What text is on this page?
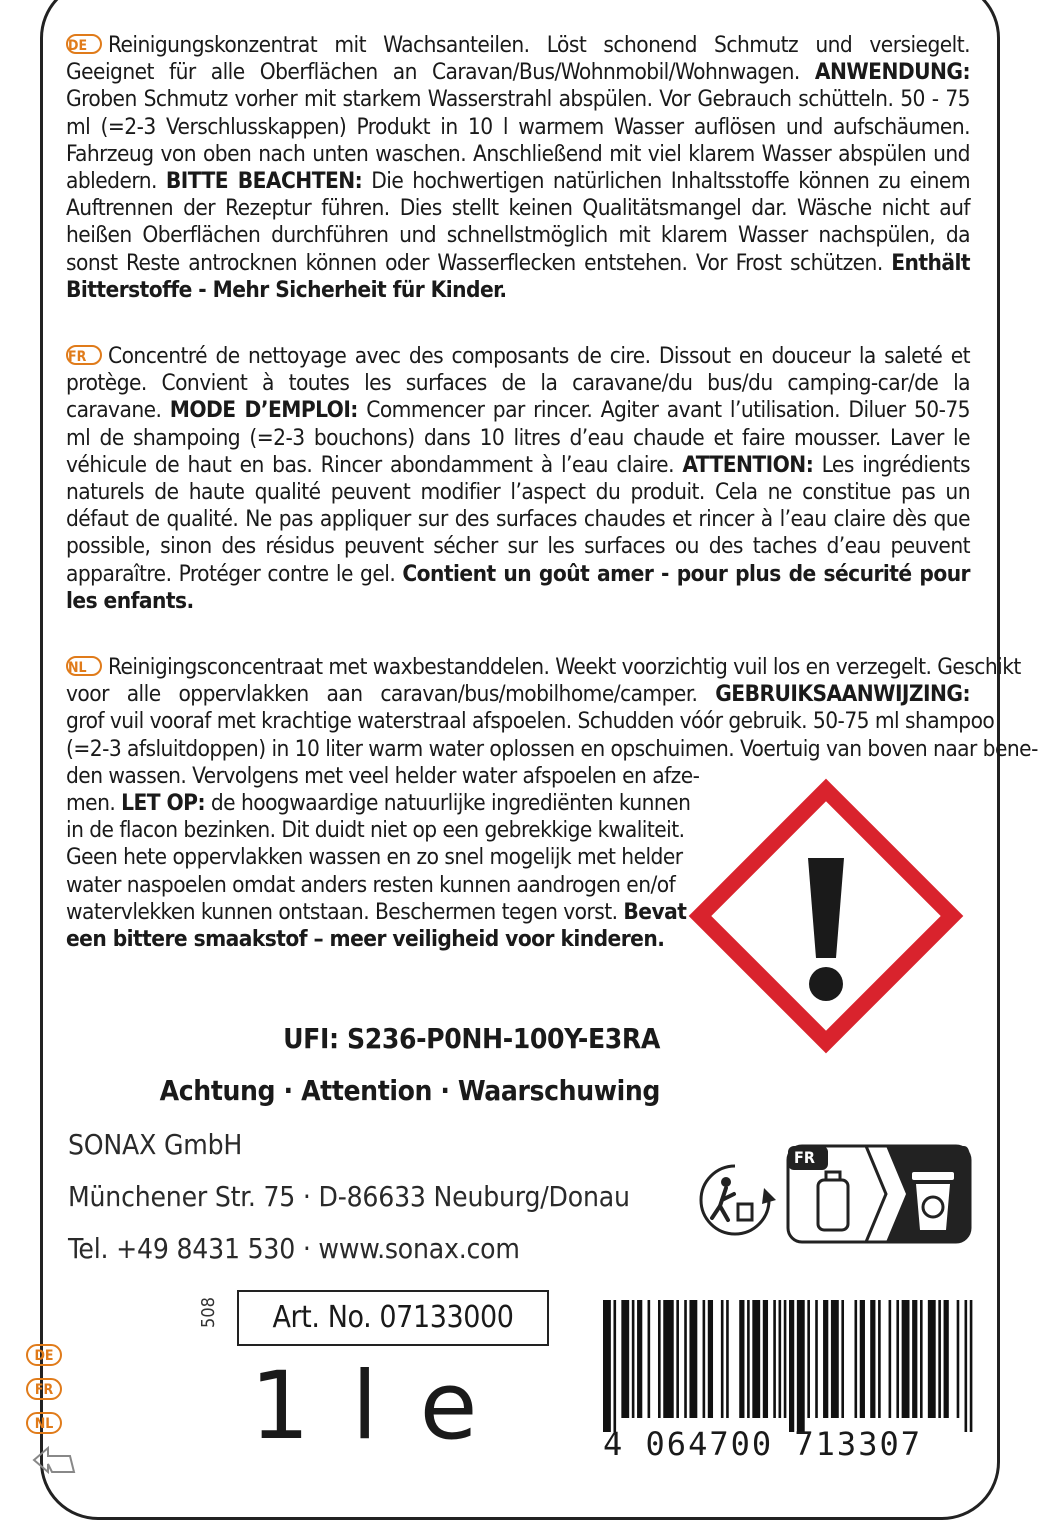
DE Reinigungskonzentrat mit Wachsanteilen. Löst schonend Schmutz und versiegelt. Geeignet für alle Oberflächen an Caravan/Bus/Wohnmobil/Wohnwagen. ANWENDUNG: Groben Schmutz vorher mit starkem Wasserstrahl abspülen. Vor Gebrauch schütteln. 50 - 75 ml (=2-3 Verschlusskappen) Produkt in 10 l warmem Wasser auflösen und aufschäumen. Fahrzeug von oben nach unten waschen. Anschließend mit viel klarem Wasser abspülen und abledern. BITTE BEACHTEN: Die hochwertigen natürlichen Inhaltsstoffe können zu einem Auftrennen der Rezeptur führen. Dies stellt keinen Qualitätsmangel dar. Wäsche nicht auf heißen Oberflächen durchführen und schnellstmöglich mit klarem Wasser nachspülen, da sonst Reste antrocknen können oder Wasserflecken entstehen. Vor Frost schützen. Enthält Bitterstoffe - Mehr Sicherheit für Kinder.
FR Concentré de nettoyage avec des composants de cire. Dissout en douceur la saleté et protège. Convient à toutes les surfaces de la caravane/du bus/du camping-car/de la caravane. MODE D’EMPLOI: Commencer par rincer. Agiter avant l’utilisation. Diluer 50-75 ml de shampoing (=2-3 bouchons) dans 10 litres d’eau chaude et faire mousser. Laver le véhicule de haut en bas. Rincer abondamment à l’eau claire. ATTENTION: Les ingrédients naturels de haute qualité peuvent modifier l’aspect du produit. Cela ne constitue pas un défaut de qualité. Ne pas appliquer sur des surfaces chaudes et rincer à l’eau claire dès que possible, sinon des résidus peuvent sécher sur les surfaces ou des taches d’eau peuvent apparaître. Protéger contre le gel. Contient un goût amer - pour plus de sécurité pour les enfants.
NL Reinigingsconcentraat met waxbestanddelen. Weekt voorzichtig vuil los en verzegelt. Geschikt
voor alle oppervlakken aan caravan/bus/mobilhome/camper. GEBRUIKSAANWIJZING:
grof vuil vooraf met krachtige waterstraal afspoelen. Schudden vóór gebruik. 50-75 ml shampoo
(=2-3 afsluitdoppen) in 10 liter warm water oplossen en opschuimen. Voertuig van boven naar bene-
den wassen. Vervolgens met veel helder water afspoelen en afze-
men. LET OP: de hoogwaardige natuurlijke ingrediënten kunnen
in de flacon bezinken. Dit duidt niet op een gebrekkige kwaliteit.
Geen hete oppervlakken wassen en zo snel mogelijk met helder
water naspoelen omdat anders resten kunnen aandrogen en/of
watervlekken kunnen ontstaan. Beschermen tegen vorst. Bevat
een bittere smaakstof – meer veiligheid voor kinderen.
UFI: S236-P0NH-100Y-E3RA
Achtung · Attention · Waarschuwing
SONAX GmbH
Münchener Str. 75 · D-86633 Neuburg/Donau
Tel. +49 8431 530 · www.sonax.com
FR
508	Art. No. 07133000
1 l e
DE
FR
NL
4 064700 713307
